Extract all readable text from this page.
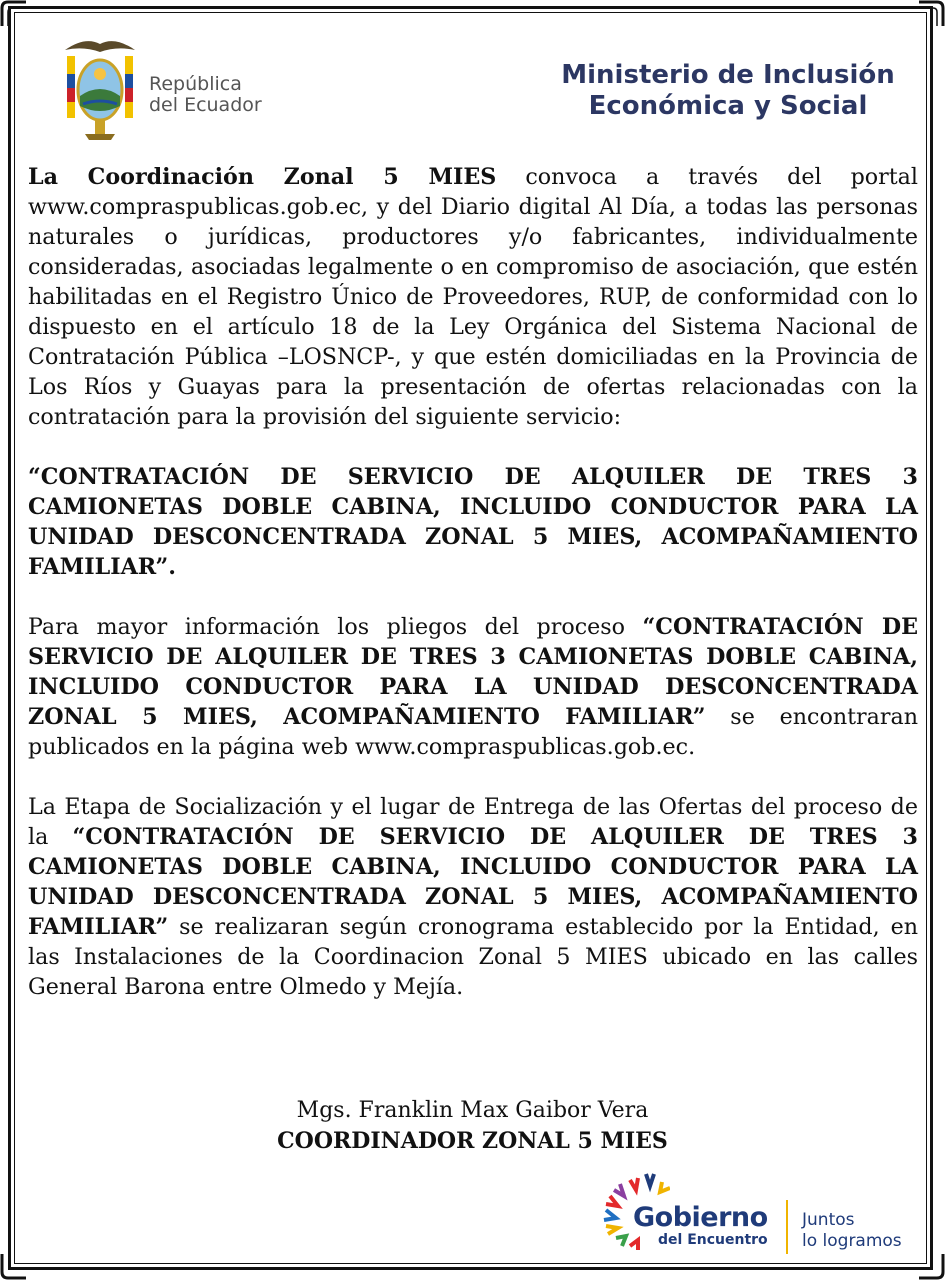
República
del Ecuador
Ministerio de Inclusión
Económica y Social

La Coordinación Zonal 5 MIES convoca a través del portal www.compraspublicas.gob.ec, y del Diario digital Al Día, a todas las personas naturales o jurídicas, productores y/o fabricantes, individualmente consideradas, asociadas legalmente o en compromiso de asociación, que estén habilitadas en el Registro Único de Proveedores, RUP, de conformidad con lo dispuesto en el artículo 18 de la Ley Orgánica del Sistema Nacional de Contratación Pública –LOSNCP-, y que estén domiciliadas en la Provincia de Los Ríos y Guayas para la presentación de ofertas relacionadas con la contratación para la provisión del siguiente servicio:

“CONTRATACIÓN DE SERVICIO DE ALQUILER DE TRES 3 CAMIONETAS DOBLE CABINA, INCLUIDO CONDUCTOR PARA LA UNIDAD DESCONCENTRADA ZONAL 5 MIES, ACOMPAÑAMIENTO FAMILIAR”.

Para mayor información los pliegos del proceso “CONTRATACIÓN DE SERVICIO DE ALQUILER DE TRES 3 CAMIONETAS DOBLE CABINA, INCLUIDO CONDUCTOR PARA LA UNIDAD DESCONCENTRADA ZONAL 5 MIES, ACOMPAÑAMIENTO FAMILIAR” se encontraran publicados en la página web www.compraspublicas.gob.ec.

La Etapa de Socialización y el lugar de Entrega de las Ofertas del proceso de la “CONTRATACIÓN DE SERVICIO DE ALQUILER DE TRES 3 CAMIONETAS DOBLE CABINA, INCLUIDO CONDUCTOR PARA LA UNIDAD DESCONCENTRADA ZONAL 5 MIES, ACOMPAÑAMIENTO FAMILIAR” se realizaran según cronograma establecido por la Entidad, en las Instalaciones de la Coordinacion Zonal 5 MIES ubicado en las calles General Barona entre Olmedo y Mejía.

Mgs. Franklin Max Gaibor Vera
COORDINADOR ZONAL 5 MIES
Gobierno
del Encuentro
Juntos
lo logramos
